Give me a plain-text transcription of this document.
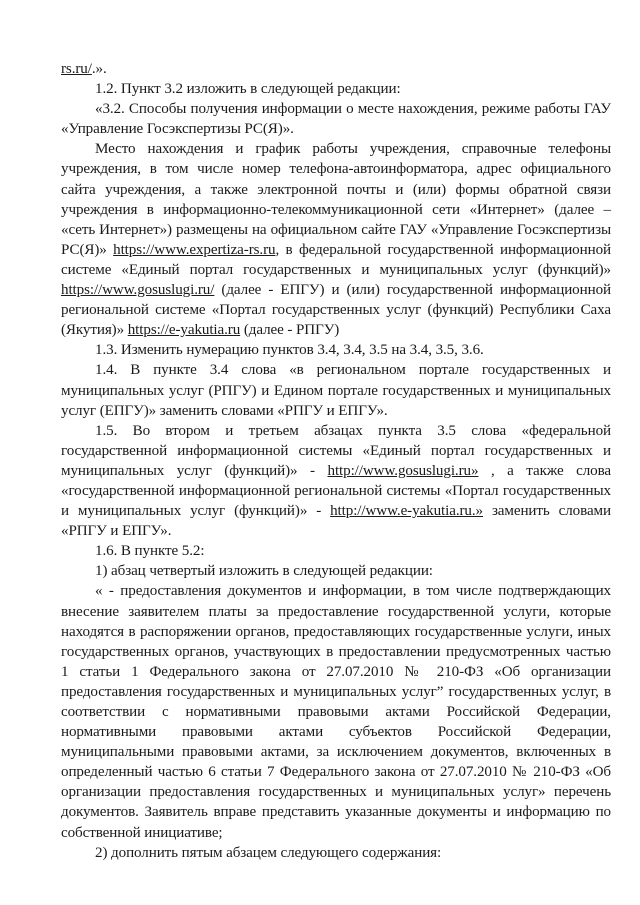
rs.ru/.».

1.2. Пункт 3.2 изложить в следующей редакции:

«3.2. Способы получения информации о месте нахождения, режиме работы ГАУ «Управление Госэкспертизы РС(Я)».

Место нахождения и график работы учреждения, справочные телефоны учреждения, в том числе номер телефона-автоинформатора, адрес официального сайта учреждения, а также электронной почты и (или) формы обратной связи учреждения в информационно-телекоммуникационной сети «Интернет» (далее – «сеть Интернет») размещены на официальном сайте ГАУ «Управление Госэкспертизы РС(Я)» https://www.expertiza-rs.ru, в федеральной государственной информационной системе «Единый портал государственных и муниципальных услуг (функций)» https://www.gosuslugi.ru/ (далее - ЕПГУ) и (или) государственной информационной региональной системе «Портал государственных услуг (функций) Республики Саха (Якутия)» https://e-yakutia.ru (далее - РПГУ)

1.3. Изменить нумерацию пунктов 3.4, 3.4, 3.5 на 3.4, 3.5, 3.6.

1.4. В пункте 3.4 слова «в региональном портале государственных и муниципальных услуг (РПГУ) и Едином портале государственных и муниципальных услуг (ЕПГУ)» заменить словами «РПГУ и ЕПГУ».

1.5. Во втором и третьем абзацах пункта 3.5 слова «федеральной государственной информационной системы «Единый портал государственных и муниципальных услуг (функций)» - http://www.gosuslugi.ru» , а также слова «государственной информационной региональной системы «Портал государственных и муниципальных услуг (функций)» - http://www.e-yakutia.ru.» заменить словами «РПГУ и ЕПГУ».

1.6. В пункте 5.2:

1) абзац четвертый изложить в следующей редакции:

« - предоставления документов и информации, в том числе подтверждающих внесение заявителем платы за предоставление государственной услуги, которые находятся в распоряжении органов, предоставляющих государственные услуги, иных государственных органов, участвующих в предоставлении предусмотренных частью 1 статьи 1 Федерального закона от 27.07.2010 № 210-ФЗ «Об организации предоставления государственных и муниципальных услуг” государственных услуг, в соответствии с нормативными правовыми актами Российской Федерации, нормативными правовыми актами субъектов Российской Федерации, муниципальными правовыми актами, за исключением документов, включенных в определенный частью 6 статьи 7 Федерального закона от 27.07.2010 № 210-ФЗ «Об организации предоставления государственных и муниципальных услуг» перечень документов. Заявитель вправе представить указанные документы и информацию по собственной инициативе;

2) дополнить пятым абзацем следующего содержания:
